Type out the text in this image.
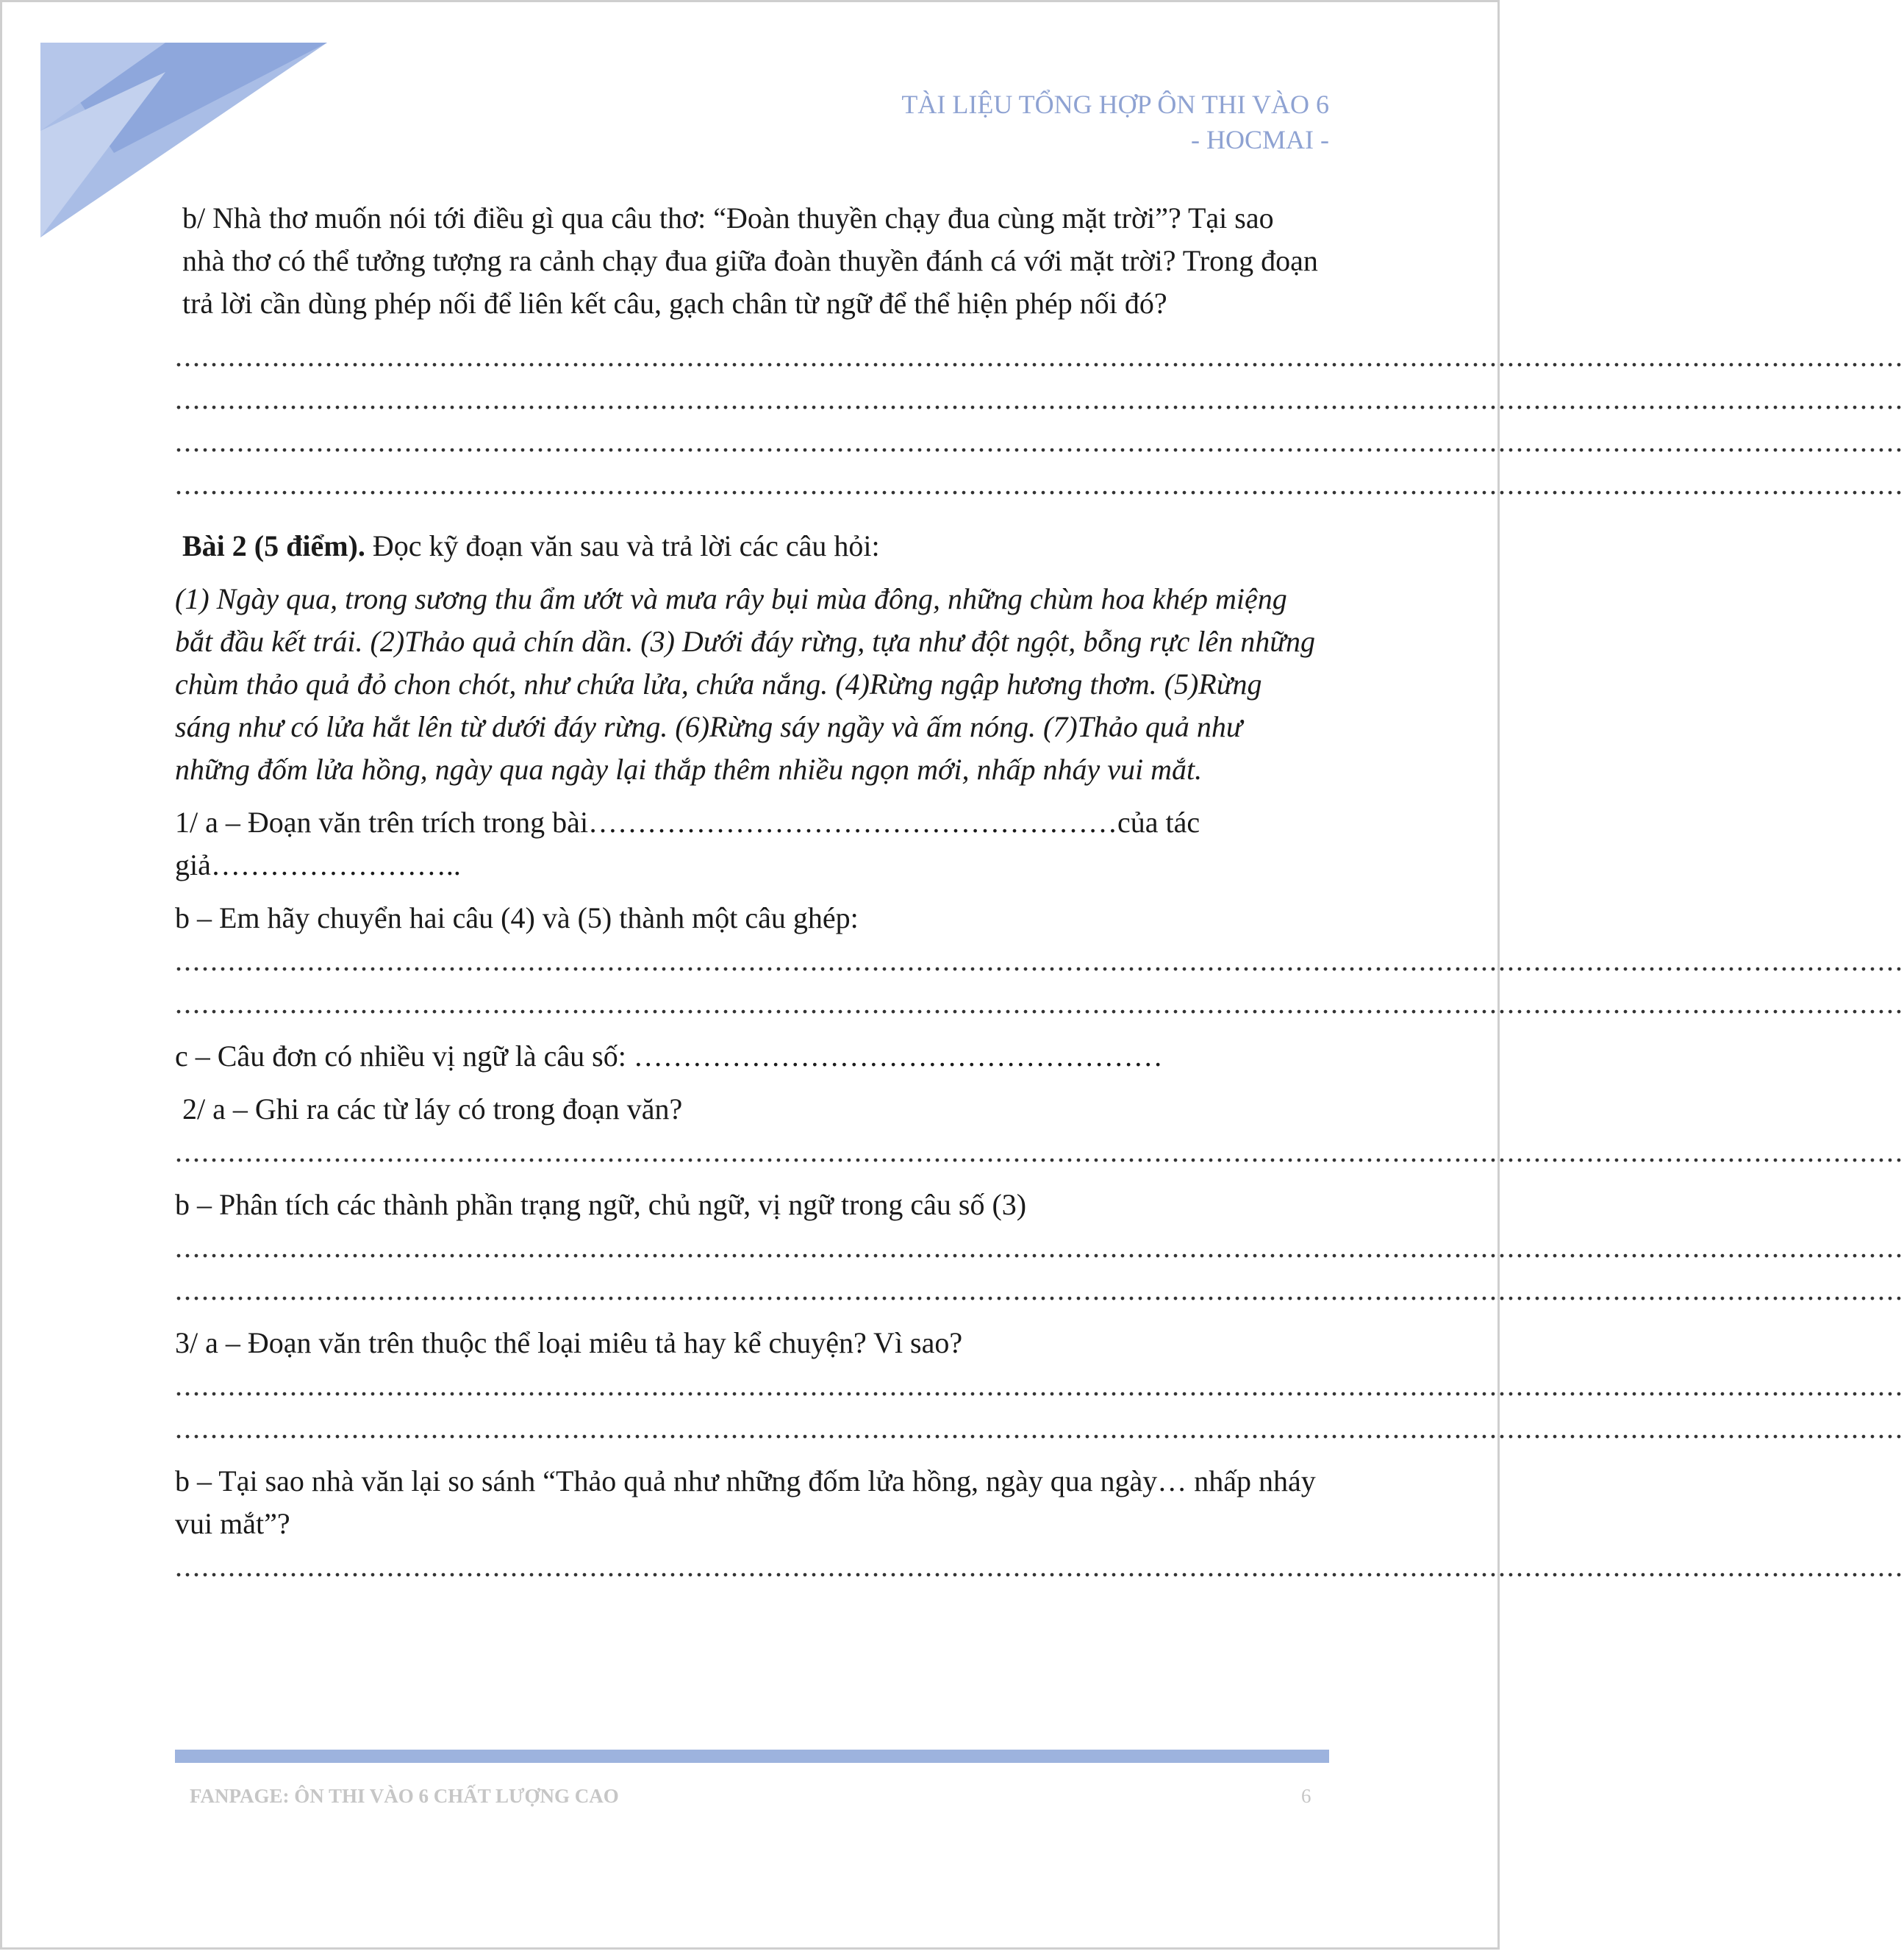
TÀI LIỆU TỔNG HỢP ÔN THI VÀO 6
- HOCMAI -

b/ Nhà thơ muốn nói tới điều gì qua câu thơ: “Đoàn thuyền chạy đua cùng mặt trời”? Tại sao nhà thơ có thể tưởng tượng ra cảnh chạy đua giữa đoàn thuyền đánh cá với mặt trời? Trong đoạn trả lời cần dùng phép nối để liên kết câu, gạch chân từ ngữ để thể hiện phép nối đó?

....................................................................................................................................................................................................
....................................................................................................................................................................................................
....................................................................................................................................................................................................
....................................................................................................................................................................................................

Bài 2 (5 điểm). Đọc kỹ đoạn văn sau và trả lời các câu hỏi:

(1) Ngày qua, trong sương thu ẩm ướt và mưa rây bụi mùa đông, những chùm hoa khép miệng bắt đầu kết trái. (2)Thảo quả chín dần. (3) Dưới đáy rừng, tựa như đột ngột, bỗng rực lên những chùm thảo quả đỏ chon chót, như chứa lửa, chứa nắng. (4)Rừng ngập hương thơm. (5)Rừng sáng như có lửa hắt lên từ dưới đáy rừng. (6)Rừng sáy ngầy và ấm nóng. (7)Thảo quả như những đốm lửa hồng, ngày qua ngày lại thắp thêm nhiều ngọn mới, nhấp nháy vui mắt.

1/ a – Đoạn văn trên trích trong bài………………………………………………của tác giả……………………..

b – Em hãy chuyển hai câu (4) và (5) thành một câu ghép:

....................................................................................................................................................................................................
....................................................................................................................................................................................................

c – Câu đơn có nhiều vị ngữ là câu số: ………………………………………………

2/ a – Ghi ra các từ láy có trong đoạn văn?

....................................................................................................................................................................................................

b – Phân tích các thành phần trạng ngữ, chủ ngữ, vị ngữ trong câu số (3)

....................................................................................................................................................................................................
....................................................................................................................................................................................................

3/ a – Đoạn văn trên thuộc thể loại miêu tả hay kể chuyện? Vì sao?

....................................................................................................................................................................................................
....................................................................................................................................................................................................

b – Tại sao nhà văn lại so sánh “Thảo quả như những đốm lửa hồng, ngày qua ngày… nhấp nháy vui mắt”?

....................................................................................................................................................................................................
FANPAGE: ÔN THI VÀO 6 CHẤT LƯỢNG CAO	6
